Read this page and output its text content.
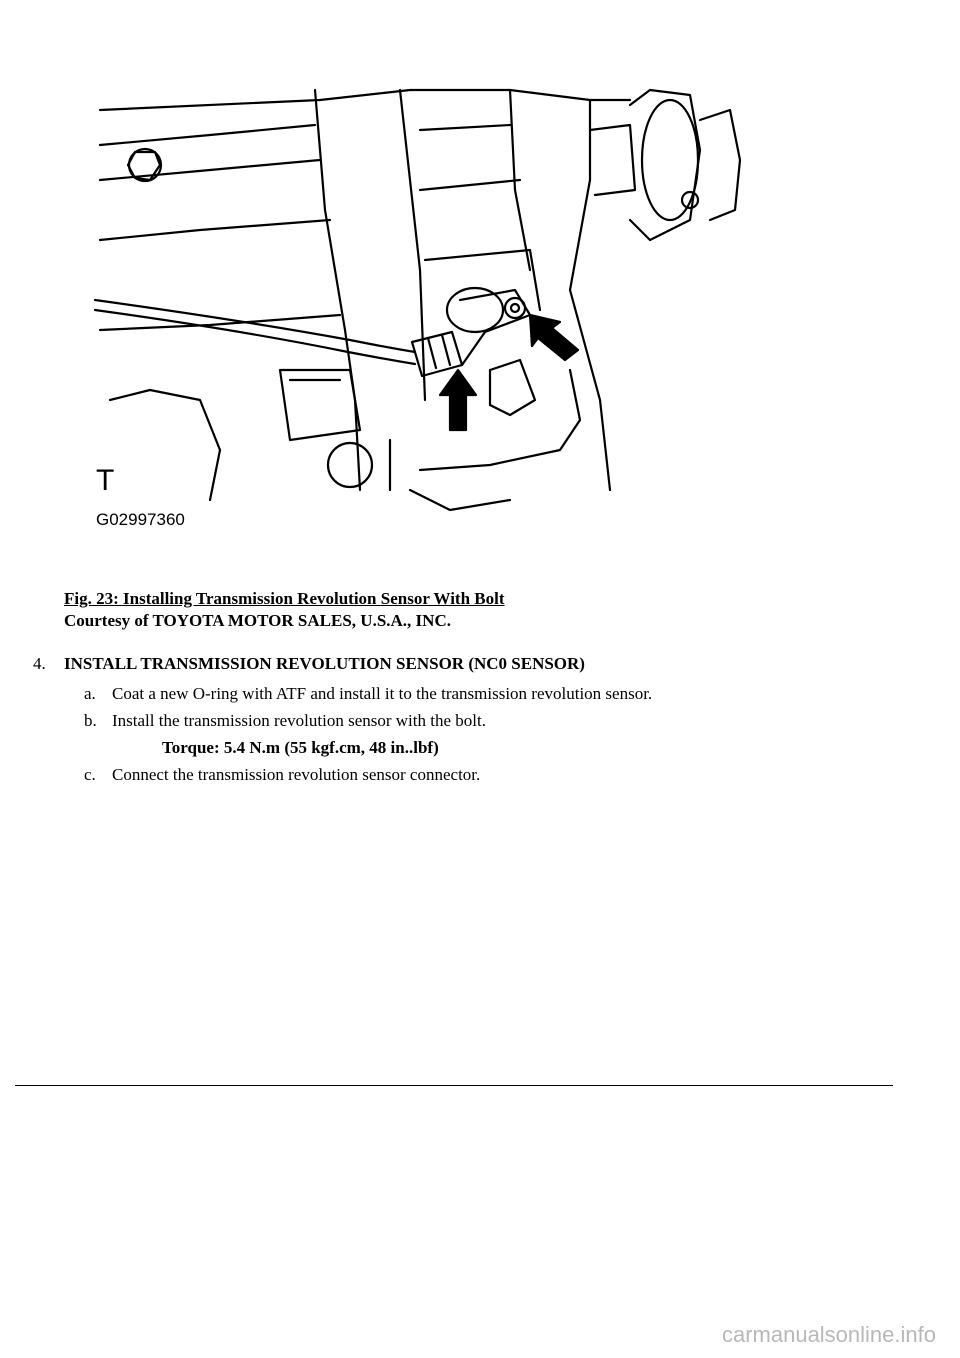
T
G02997360
Fig. 23: Installing Transmission Revolution Sensor With Bolt
Courtesy of TOYOTA MOTOR SALES, U.S.A., INC.
4. INSTALL TRANSMISSION REVOLUTION SENSOR (NC0 SENSOR)
a. Coat a new O-ring with ATF and install it to the transmission revolution sensor.
b. Install the transmission revolution sensor with the bolt.
Torque: 5.4 N.m (55 kgf.cm, 48 in..lbf)
c. Connect the transmission revolution sensor connector.
carmanualsonline.info
